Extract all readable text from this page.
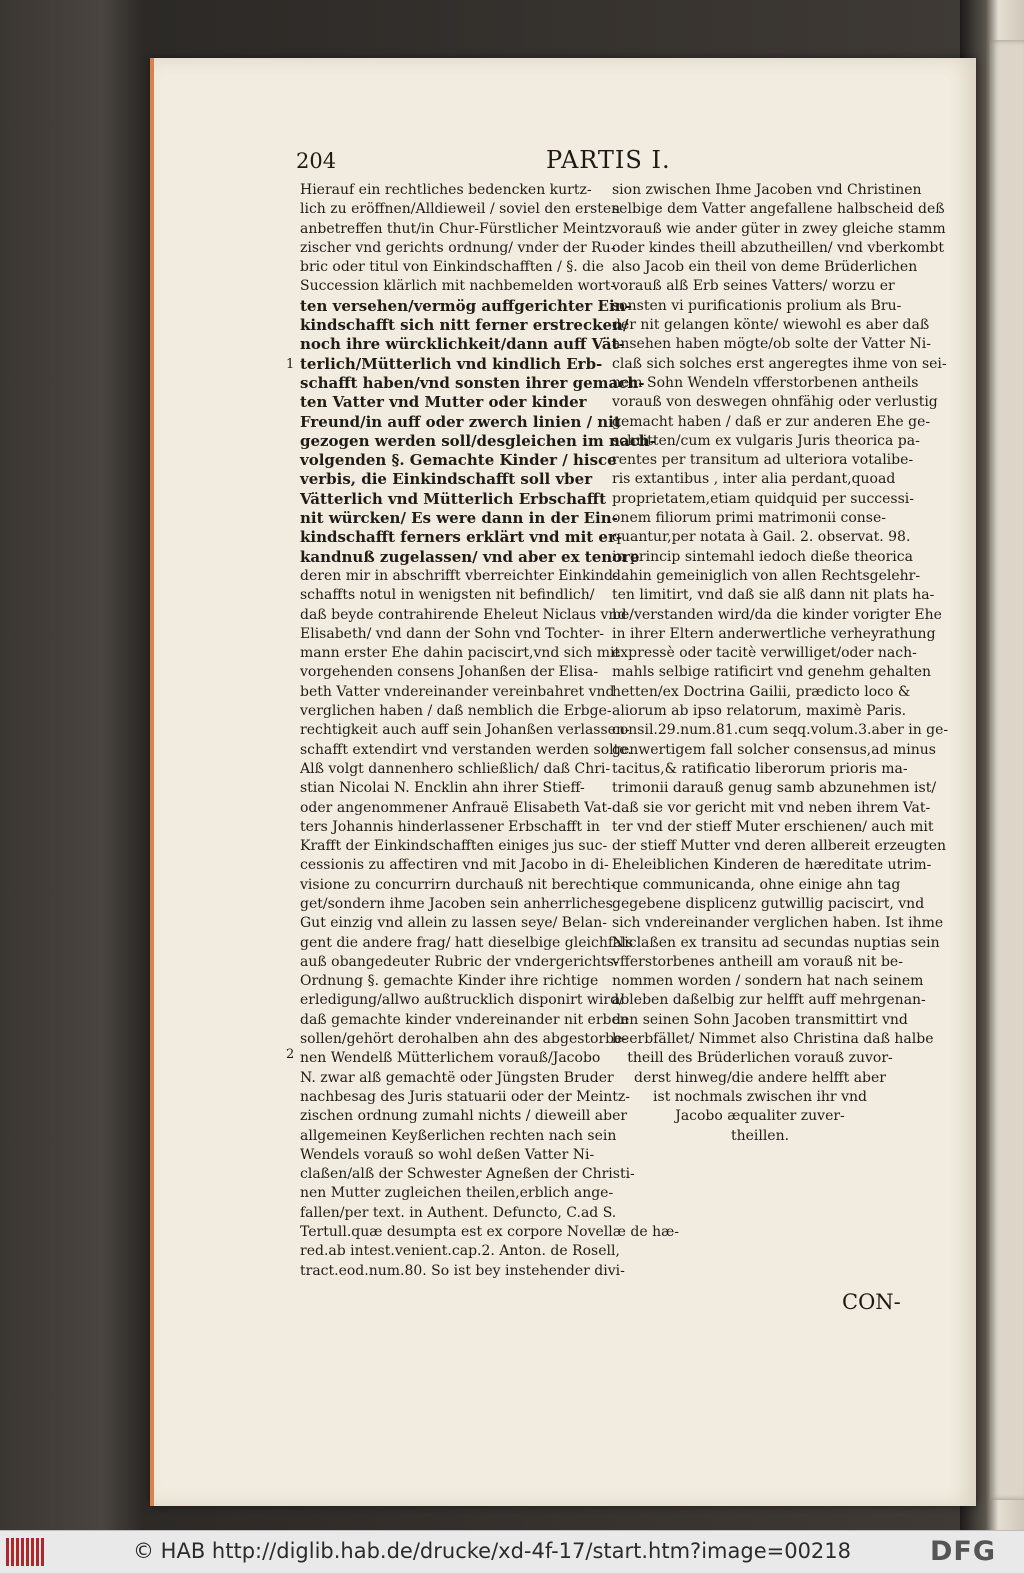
204	PARTIS I.
Hierauf ein rechtliches bedencken kurtz-
lich zu eröffnen/Alldieweil / soviel den ersten
anbetreffen thut/in Chur-Fürstlicher Meintz-
zischer vnd gerichts ordnung/ vnder der Ru-
bric oder titul von Einkindschafften / §. die
Succession klärlich mit nachbemelden wort-
ten versehen/vermög auffgerichter Ein-
kindschafft sich nitt ferner erstrecken/
noch ihre würcklichkeit/dann auff Vät-
terlich/Mütterlich vnd kindlich Erb-
schafft haben/vnd sonsten ihrer gemach-
ten Vatter vnd Mutter oder kinder
Freund/in auff oder zwerch linien / nit
gezogen werden soll/desgleichen im nach-
volgenden §. Gemachte Kinder / hisce
verbis, die Einkindschafft soll vber
Vätterlich vnd Mütterlich Erbschafft
nit würcken/ Es were dann in der Ein-
kindschafft ferners erklärt vnd mit er-
kandnuß zugelassen/ vnd aber ex tenore
deren mir in abschrifft vberreichter Einkind-
schaffts notul in wenigsten nit befindlich/
daß beyde contrahirende Eheleut Niclaus vnd
Elisabeth/ vnd dann der Sohn vnd Tochter-
mann erster Ehe dahin paciscirt,vnd sich mit
vorgehenden consens Johanßen der Elisa-
beth Vatter vndereinander vereinbahret vnd
verglichen haben / daß nemblich die Erbge-
rechtigkeit auch auff sein Johanßen verlassen-
schafft extendirt vnd verstanden werden solte.
Alß volgt dannenhero schließlich/ daß Chri-
stian Nicolai N. Encklin ahn ihrer Stieff-
oder angenommener Anfrauë Elisabeth Vat-
ters Johannis hinderlassener Erbschafft in
Krafft der Einkindschafften einiges jus suc-
cessionis zu affectiren vnd mit Jacobo in di-
visione zu concurrirn durchauß nit berechti-
get/sondern ihme Jacoben sein anherrliches
Gut einzig vnd allein zu lassen seye/ Belan-
gent die andere frag/ hatt dieselbige gleichfals
auß obangedeuter Rubric der vndergerichts-
Ordnung §. gemachte Kinder ihre richtige
erledigung/allwo außtrucklich disponirt wird/
daß gemachte kinder vndereinander nit erben
sollen/gehört derohalben ahn des abgestorbe-
nen Wendelß Mütterlichem vorauß/Jacobo
N. zwar alß gemachtë oder Jüngsten Bruder
nachbesag des Juris statuarii oder der Meintz-
zischen ordnung zumahl nichts / dieweill aber
allgemeinen Keyßerlichen rechten nach sein
Wendels vorauß so wohl deßen Vatter Ni-
claßen/alß der Schwester Agneßen der Christi-
nen Mutter zugleichen theilen,erblich ange-
fallen/per text. in Authent. Defuncto, C.ad S.
Tertull.quæ desumpta est ex corpore Novellæ de hæ-
red.ab intest.venient.cap.2. Anton. de Rosell,
tract.eod.num.80. So ist bey instehender divi-
sion zwischen Ihme Jacoben vnd Christinen
selbige dem Vatter angefallene halbscheid deß
vorauß wie ander güter in zwey gleiche stamm
oder kindes theill abzutheillen/ vnd vberkombt
also Jacob ein theil von deme Brüderlichen
vorauß alß Erb seines Vatters/ worzu er
sonsten vi purificationis prolium als Bru-
der nit gelangen könte/ wiewohl es aber daß
ansehen haben mögte/ob solte der Vatter Ni-
claß sich solches erst angeregtes ihme von sei-
nem Sohn Wendeln vfferstorbenen antheils
vorauß von deswegen ohnfähig oder verlustig
gemacht haben / daß er zur anderen Ehe ge-
schritten/cum ex vulgaris Juris theorica pa-
rentes per transitum ad ulteriora votalibe-
ris extantibus , inter alia perdant,quoad
proprietatem,etiam quidquid per successi-
onem filiorum primi matrimonii conse-
quantur,per notata à Gail. 2. observat. 98.
in princip sintemahl iedoch dieße theorica
dahin gemeiniglich von allen Rechtsgelehr-
ten limitirt, vnd daß sie alß dann nit plats ha-
be/verstanden wird/da die kinder vorigter Ehe
in ihrer Eltern anderwertliche verheyrathung
expressè oder tacitè verwilliget/oder nach-
mahls selbige ratificirt vnd genehm gehalten
hetten/ex Doctrina Gailii, prædicto loco &
aliorum ab ipso relatorum, maximè Paris.
consil.29.num.81.cum seqq.volum.3.aber in ge-
genwertigem fall solcher consensus,ad minus
tacitus,& ratificatio liberorum prioris ma-
trimonii darauß genug samb abzunehmen ist/
daß sie vor gericht mit vnd neben ihrem Vat-
ter vnd der stieff Muter erschienen/ auch mit
der stieff Mutter vnd deren allbereit erzeugten
Eheleiblichen Kinderen de hæreditate utrim-
que communicanda, ohne einige ahn tag
gegebene displicenz gutwillig paciscirt, vnd
sich vndereinander verglichen haben. Ist ihme
Niclaßen ex transitu ad secundas nuptias sein
vfferstorbenes antheill am vorauß nit be-
nommen worden / sondern hat nach seinem
ableben daßelbig zur helfft auff mehrgenan-
den seinen Sohn Jacoben transmittirt vnd
beerbfället/ Nimmet also Christina daß halbe
theill des Brüderlichen vorauß zuvor-
derst hinweg/die andere helfft aber
ist nochmals zwischen ihr vnd
Jacobo æqualiter zuver-
theillen.
1
2
CON-
© HAB http://diglib.hab.de/drucke/xd-4f-17/start.htm?image=00218	DFG
